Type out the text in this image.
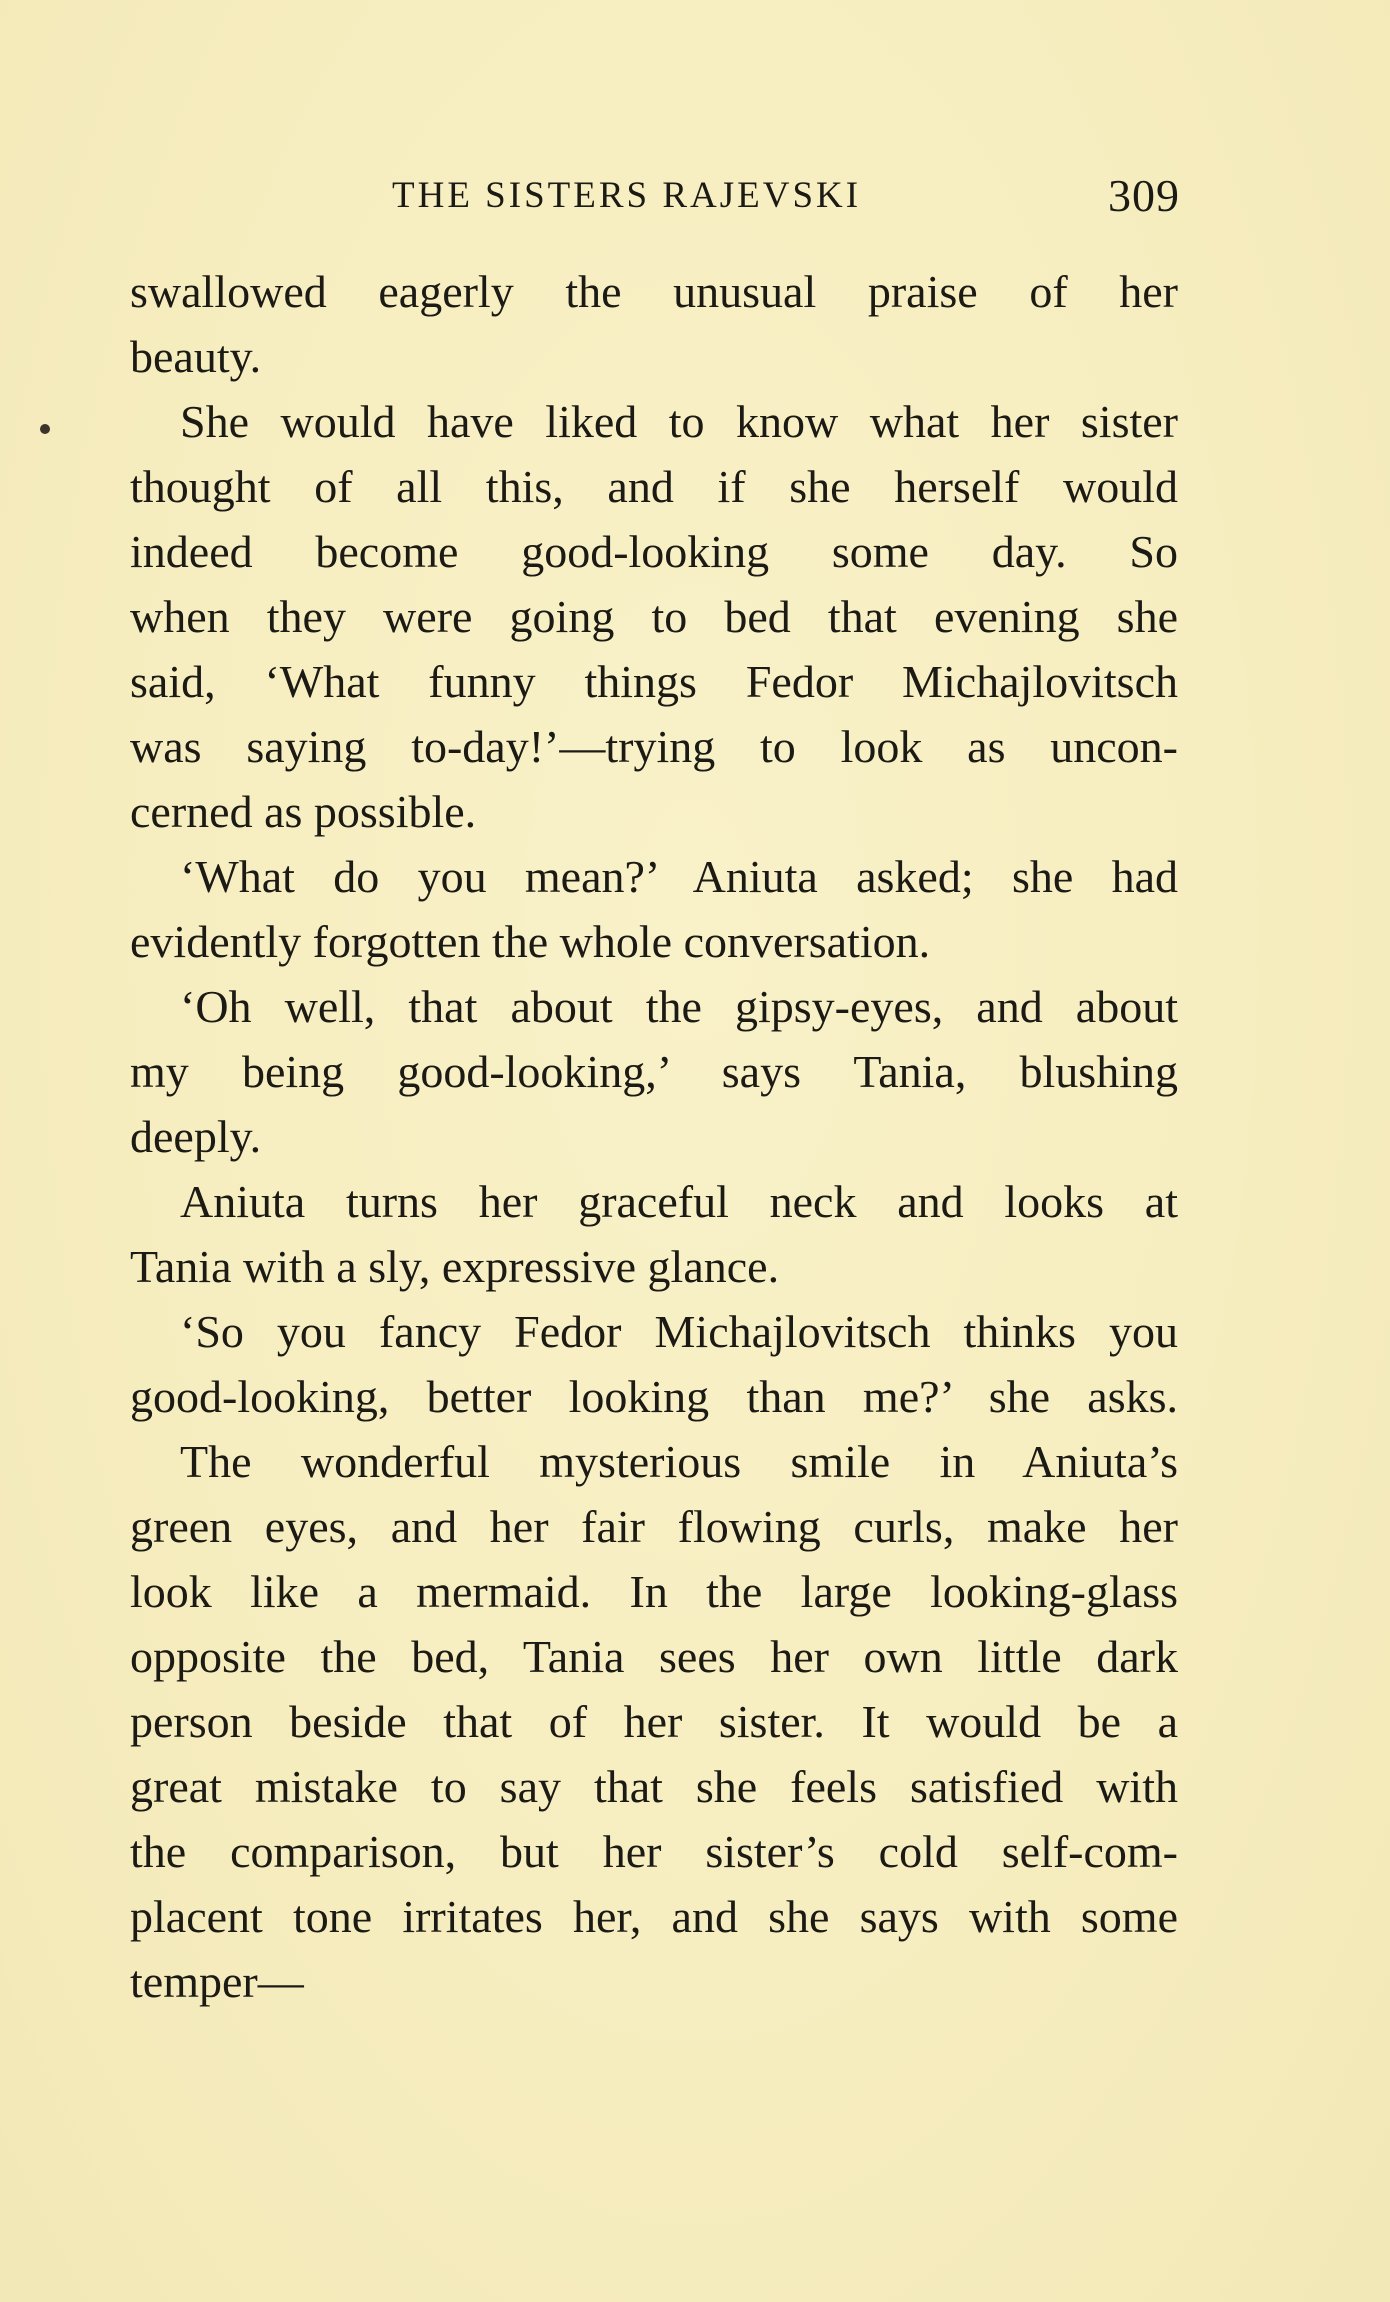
THE SISTERS RAJEVSKI	309
swallowed eagerly the unusual praise of her
beauty.
She would have liked to know what her sister
thought of all this, and if she herself would
indeed become good-looking some day. So
when they were going to bed that evening she
said, ‘What funny things Fedor Michajlovitsch
was saying to-day!’—trying to look as uncon-
cerned as possible.
‘What do you mean?’ Aniuta asked; she had
evidently forgotten the whole conversation.
‘Oh well, that about the gipsy-eyes, and about
my being good-looking,’ says Tania, blushing
deeply.
Aniuta turns her graceful neck and looks at
Tania with a sly, expressive glance.
‘So you fancy Fedor Michajlovitsch thinks you
good-looking, better looking than me?’ she asks.
The wonderful mysterious smile in Aniuta’s
green eyes, and her fair flowing curls, make her
look like a mermaid. In the large looking-glass
opposite the bed, Tania sees her own little dark
person beside that of her sister. It would be a
great mistake to say that she feels satisfied with
the comparison, but her sister’s cold self-com-
placent tone irritates her, and she says with some
temper—
